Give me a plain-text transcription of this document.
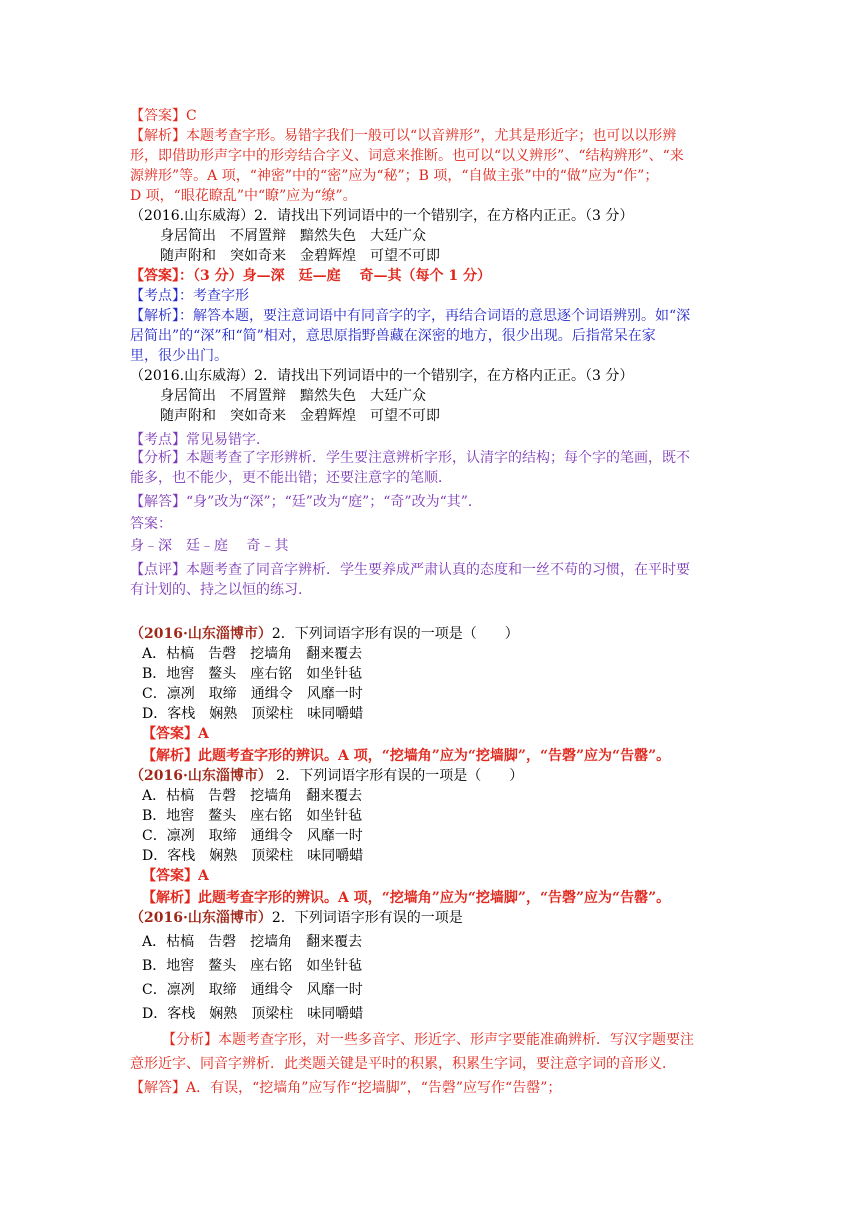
【答案】C
【解析】本题考查字形。易错字我们一般可以“以音辨形”，尤其是形近字；也可以以形辨
形，即借助形声字中的形旁结合字义、词意来推断。也可以“以义辨形”、“结构辨形”、“来
源辨形”等。A 项，“神密”中的“密”应为“秘”；B 项，“自做主张”中的“做”应为“作”；
D 项，“眼花瞭乱”中“瞭”应为“缭”。
（2016.山东威海）2．请找出下列词语中的一个错别字，在方格内正正。（3 分）
身居简出　不屑置辩　黯然失色　大廷广众
随声附和　突如奇来　金碧辉煌　可望不可即
【答案】：（3 分）身—深　廷—庭　 奇—其（每个 1 分）
【考点】：考查字形
【解析】：解答本题，要注意词语中有同音字的字，再结合词语的意思逐个词语辨别。如“深
居简出”的“深”和“简”相对，意思原指野兽藏在深密的地方，很少出现。后指常呆在家
里，很少出门。
（2016.山东威海）2．请找出下列词语中的一个错别字，在方格内正正。（3 分）
身居简出　不屑置辩　黯然失色　大廷广众
随声附和　突如奇来　金碧辉煌　可望不可即
【考点】常见易错字．
【分析】本题考查了字形辨析．学生要注意辨析字形，认清字的结构；每个字的笔画，既不
能多，也不能少，更不能出错；还要注意字的笔顺．
【解答】“身”改为“深”；“廷”改为“庭”；“奇”改为“其”．
答案：
身﹣深　廷﹣庭　 奇﹣其
【点评】本题考查了同音字辨析．学生要养成严肃认真的态度和一丝不苟的习惯，在平时要
有计划的、持之以恒的练习．
（2016·山东淄博市）2．下列词语字形有误的一项是（　　）
A．枯槁　告磬　挖墙角　翻来覆去
B．地窖　鳌头　座右铭　如坐针毡
C．凛冽　取缔　通缉令　风靡一时
D．客栈　娴熟　顶梁柱　味同嚼蜡
【答案】A
【解析】此题考查字形的辨识。A 项，“挖墙角”应为“挖墙脚”，“告磬”应为“告罄”。
（2016·山东淄博市） 2．下列词语字形有误的一项是（　　）
A．枯槁　告磬　挖墙角　翻来覆去
B．地窖　鳌头　座右铭　如坐针毡
C．凛冽　取缔　通缉令　风靡一时
D．客栈　娴熟　顶梁柱　味同嚼蜡
【答案】A
【解析】此题考查字形的辨识。A 项，“挖墙角”应为“挖墙脚”，“告磬”应为“告罄”。
（2016·山东淄博市）2．下列词语字形有误的一项是
A．枯槁　告磬　挖墙角　翻来覆去
B．地窖　鳌头　座右铭　如坐针毡
C．凛冽　取缔　通缉令　风靡一时
D．客栈　娴熟　顶梁柱　味同嚼蜡
【分析】本题考查字形，对一些多音字、形近字、形声字要能准确辨析．写汉字题要注
意形近字、同音字辨析．此类题关键是平时的积累，积累生字词，要注意字词的音形义．
【解答】A．有误，“挖墙角”应写作“挖墙脚”，“告磬”应写作“告罄”；
